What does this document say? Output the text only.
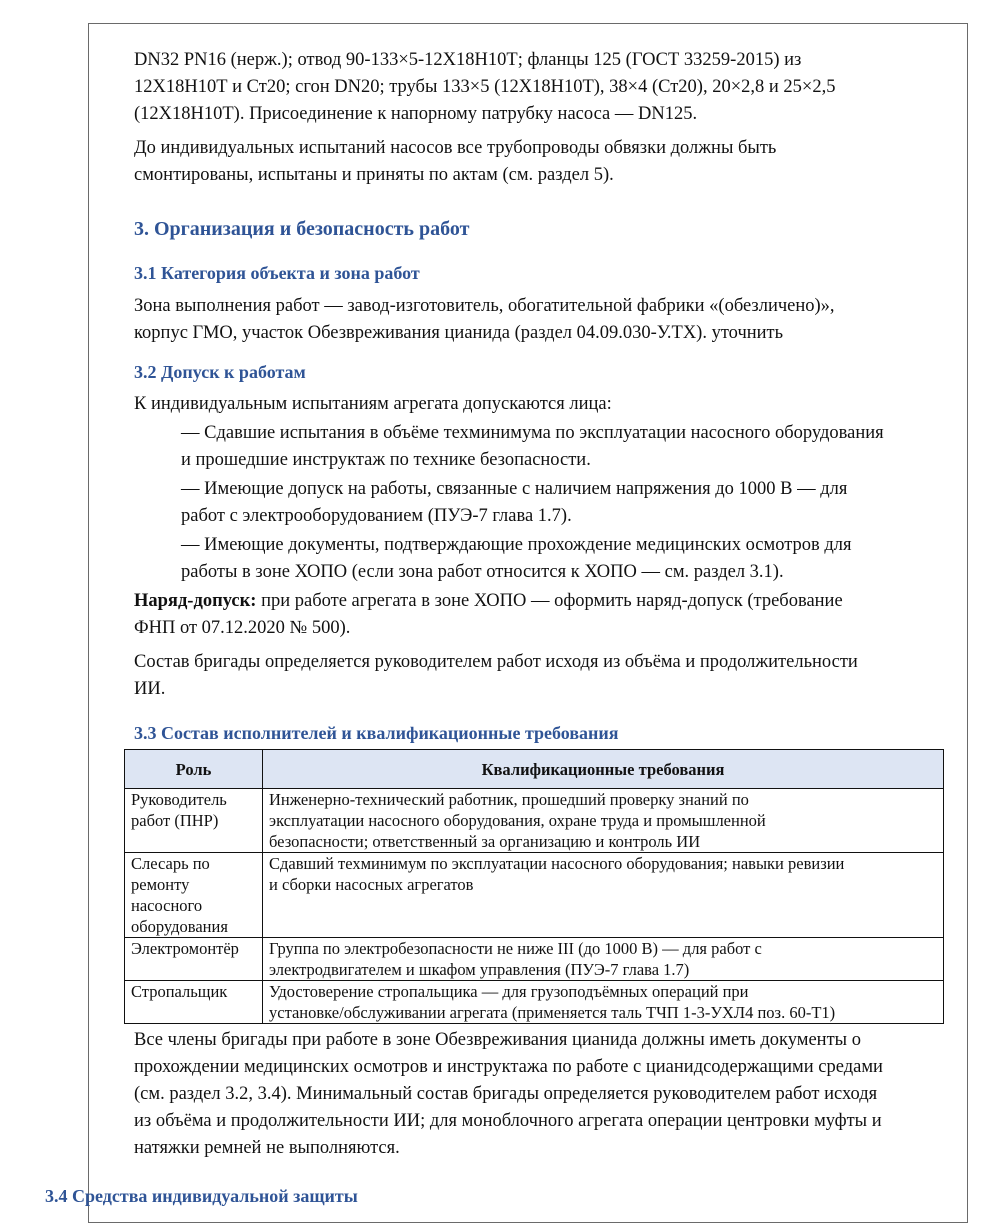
DN32 PN16 (нерж.); отвод 90-133×5-12Х18Н10Т; фланцы 125 (ГОСТ 33259-2015) из
12Х18Н10Т и Ст20; сгон DN20; трубы 133×5 (12Х18Н10Т), 38×4 (Ст20), 20×2,8 и 25×2,5
(12Х18Н10Т). Присоединение к напорному патрубку насоса — DN125.

До индивидуальных испытаний насосов все трубопроводы обвязки должны быть
смонтированы, испытаны и приняты по актам (см. раздел 5).

3. Организация и безопасность работ
3.1 Категория объекта и зона работ

Зона выполнения работ — завод-изготовитель, обогатительной фабрики «(обезличено)»,
корпус ГМО, участок Обезвреживания цианида (раздел 04.09.030-У.ТХ). уточнить

3.2 Допуск к работам

К индивидуальным испытаниям агрегата допускаются лица:

— Сдавшие испытания в объёме техминимума по эксплуатации насосного оборудования
и прошедшие инструктаж по технике безопасности.

— Имеющие допуск на работы, связанные с наличием напряжения до 1000 В — для
работ с электрооборудованием (ПУЭ-7 глава 1.7).

— Имеющие документы, подтверждающие прохождение медицинских осмотров для
работы в зоне ХОПО (если зона работ относится к ХОПО — см. раздел 3.1).

Наряд-допуск: при работе агрегата в зоне ХОПО — оформить наряд-допуск (требование
ФНП от 07.12.2020 № 500).

Состав бригады определяется руководителем работ исходя из объёма и продолжительности
ИИ.

3.3 Состав исполнителей и квалификационные требования
Роль	Квалификационные требования
Руководитель
работ (ПНР)	Инженерно-технический работник, прошедший проверку знаний по
эксплуатации насосного оборудования, охране труда и промышленной
безопасности; ответственный за организацию и контроль ИИ
Слесарь по
ремонту
насосного
оборудования	Сдавший техминимум по эксплуатации насосного оборудования; навыки ревизии
и сборки насосных агрегатов
Электромонтёр	Группа по электробезопасности не ниже III (до 1000 В) — для работ с
электродвигателем и шкафом управления (ПУЭ-7 глава 1.7)
Стропальщик	Удостоверение стропальщика — для грузоподъёмных операций при
установке/обслуживании агрегата (применяется таль ТЧП 1-3-УХЛ4 поз. 60-Т1)

Все члены бригады при работе в зоне Обезвреживания цианида должны иметь документы о
прохождении медицинских осмотров и инструктажа по работе с цианидсодержащими средами
(см. раздел 3.2, 3.4). Минимальный состав бригады определяется руководителем работ исходя
из объёма и продолжительности ИИ; для моноблочного агрегата операции центровки муфты и
натяжки ремней не выполняются.

3.4 Средства индивидуальной защиты
